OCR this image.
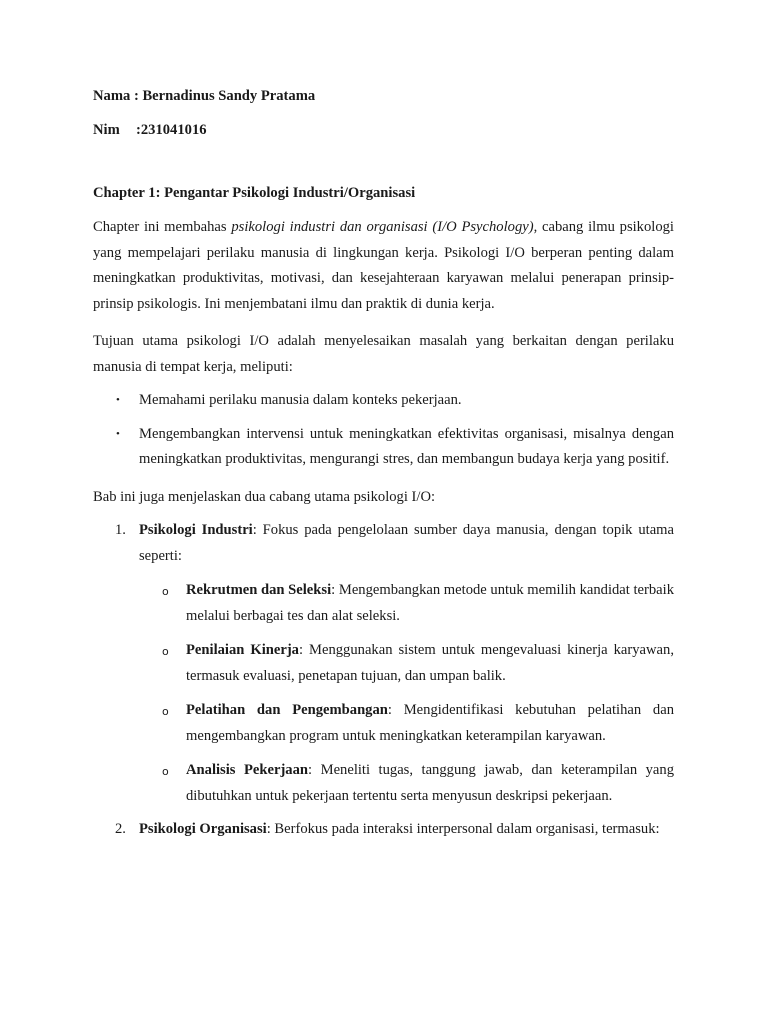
Nama : Bernadinus Sandy Pratama

Nim	:231041016

Chapter 1: Pengantar Psikologi Industri/Organisasi

Chapter ini membahas psikologi industri dan organisasi (I/O Psychology), cabang ilmu psikologi yang mempelajari perilaku manusia di lingkungan kerja. Psikologi I/O berperan penting dalam meningkatkan produktivitas, motivasi, dan kesejahteraan karyawan melalui penerapan prinsip-prinsip psikologis. Ini menjembatani ilmu dan praktik di dunia kerja.

Tujuan utama psikologi I/O adalah menyelesaikan masalah yang berkaitan dengan perilaku manusia di tempat kerja, meliputi:

• Memahami perilaku manusia dalam konteks pekerjaan.
• Mengembangkan intervensi untuk meningkatkan efektivitas organisasi, misalnya dengan meningkatkan produktivitas, mengurangi stres, dan membangun budaya kerja yang positif.

Bab ini juga menjelaskan dua cabang utama psikologi I/O:

1. Psikologi Industri: Fokus pada pengelolaan sumber daya manusia, dengan topik utama seperti:
o Rekrutmen dan Seleksi: Mengembangkan metode untuk memilih kandidat terbaik melalui berbagai tes dan alat seleksi.
o Penilaian Kinerja: Menggunakan sistem untuk mengevaluasi kinerja karyawan, termasuk evaluasi, penetapan tujuan, dan umpan balik.
o Pelatihan dan Pengembangan: Mengidentifikasi kebutuhan pelatihan dan mengembangkan program untuk meningkatkan keterampilan karyawan.
o Analisis Pekerjaan: Meneliti tugas, tanggung jawab, dan keterampilan yang dibutuhkan untuk pekerjaan tertentu serta menyusun deskripsi pekerjaan.
2. Psikologi Organisasi: Berfokus pada interaksi interpersonal dalam organisasi, termasuk:
